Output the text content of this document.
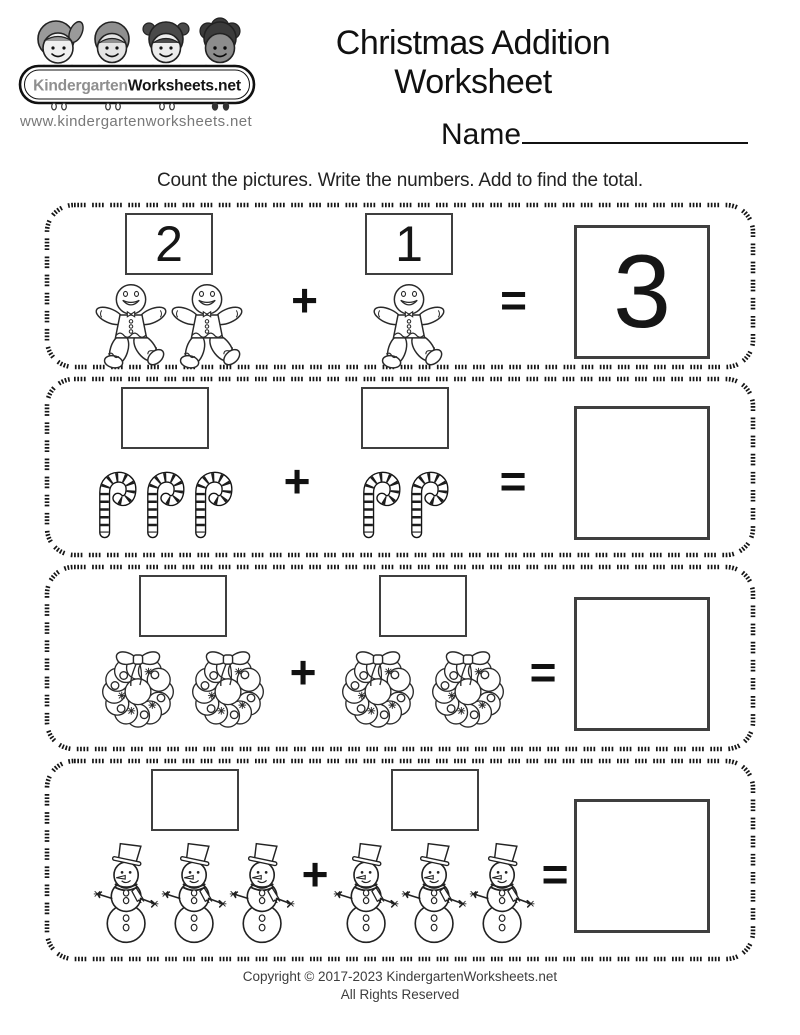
KindergartenWorksheets.net
www.kindergartenworksheets.net
Christmas Addition Worksheet
Name

Count the pictures. Write the numbers. Add to find the total.

2
+
1
= 3
+	=
+	=
+	=
Copyright © 2017-2023 KindergartenWorksheets.net
All Rights Reserved
